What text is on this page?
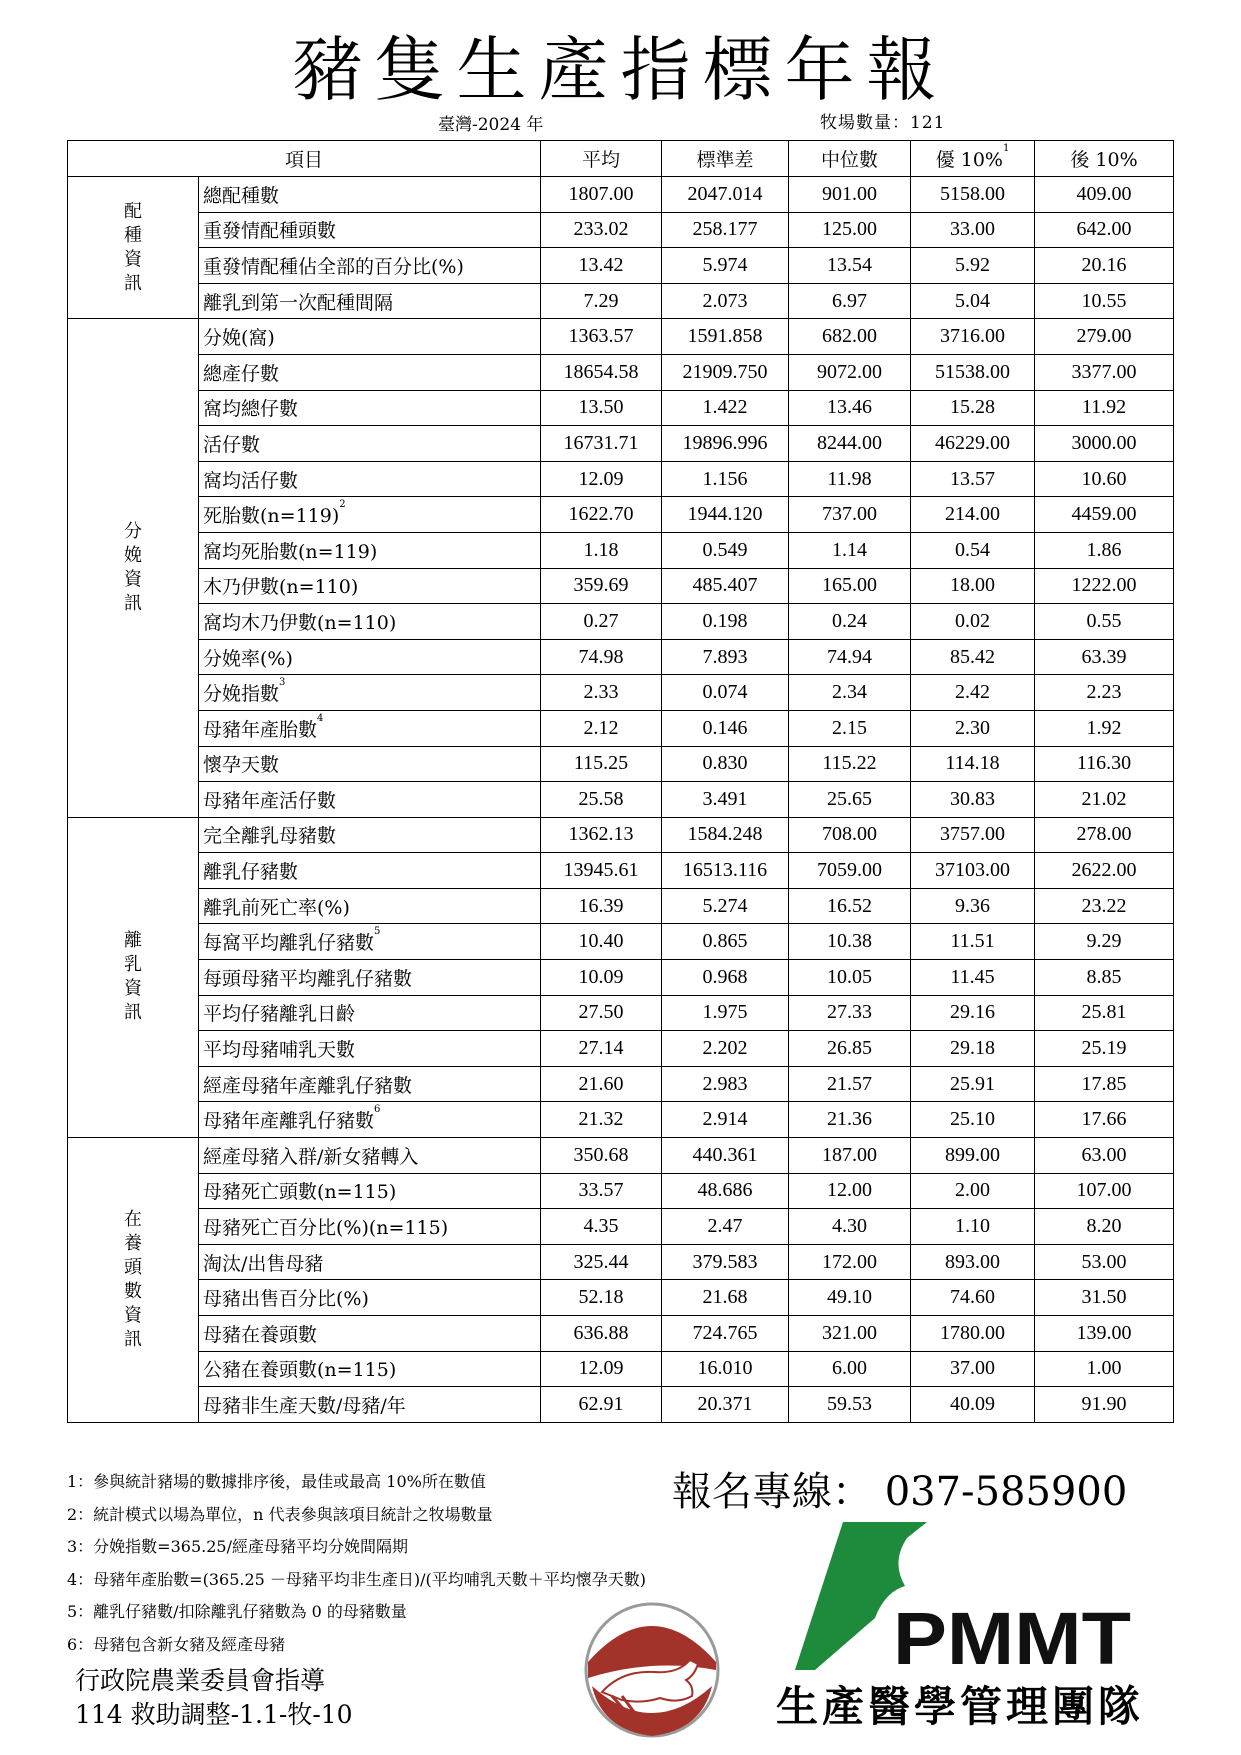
豬隻生產指標年報
臺灣-2024 年	牧場數量：121
項目		平均	標準差	中位數	優 10%$^1$	後 10%
配種資訊	總配種數	1807.00	2047.014	901.00	5158.00	409.00
	重發情配種頭數	233.02	258.177	125.00	33.00	642.00
	重發情配種佔全部的百分比(%)	13.42	5.974	13.54	5.92	20.16
	離乳到第一次配種間隔	7.29	2.073	6.97	5.04	10.55
分娩資訊	分娩(窩)	1363.57	1591.858	682.00	3716.00	279.00
	總產仔數	18654.58	21909.750	9072.00	51538.00	3377.00
	窩均總仔數	13.50	1.422	13.46	15.28	11.92
	活仔數	16731.71	19896.996	8244.00	46229.00	3000.00
	窩均活仔數	12.09	1.156	11.98	13.57	10.60
	死胎數(n=119)$^2$	1622.70	1944.120	737.00	214.00	4459.00
	窩均死胎數(n=119)	1.18	0.549	1.14	0.54	1.86
	木乃伊數(n=110)	359.69	485.407	165.00	18.00	1222.00
	窩均木乃伊數(n=110)	0.27	0.198	0.24	0.02	0.55
	分娩率(%)	74.98	7.893	74.94	85.42	63.39
	分娩指數$^3$	2.33	0.074	2.34	2.42	2.23
	母豬年產胎數$^4$	2.12	0.146	2.15	2.30	1.92
	懷孕天數	115.25	0.830	115.22	114.18	116.30
	母豬年產活仔數	25.58	3.491	25.65	30.83	21.02
離乳資訊	完全離乳母豬數	1362.13	1584.248	708.00	3757.00	278.00
	離乳仔豬數	13945.61	16513.116	7059.00	37103.00	2622.00
	離乳前死亡率(%)	16.39	5.274	16.52	9.36	23.22
	每窩平均離乳仔豬數$^5$	10.40	0.865	10.38	11.51	9.29
	每頭母豬平均離乳仔豬數	10.09	0.968	10.05	11.45	8.85
	平均仔豬離乳日齡	27.50	1.975	27.33	29.16	25.81
	平均母豬哺乳天數	27.14	2.202	26.85	29.18	25.19
	經產母豬年產離乳仔豬數	21.60	2.983	21.57	25.91	17.85
	母豬年產離乳仔豬數$^6$	21.32	2.914	21.36	25.10	17.66
在養頭數資訊	經產母豬入群/新女豬轉入	350.68	440.361	187.00	899.00	63.00
	母豬死亡頭數(n=115)	33.57	48.686	12.00	2.00	107.00
	母豬死亡百分比(%)(n=115)	4.35	2.47	4.30	1.10	8.20
	淘汰/出售母豬	325.44	379.583	172.00	893.00	53.00
	母豬出售百分比(%)	52.18	21.68	49.10	74.60	31.50
	母豬在養頭數	636.88	724.765	321.00	1780.00	139.00
	公豬在養頭數(n=115)	12.09	16.010	6.00	37.00	1.00
	母豬非生產天數/母豬/年	62.91	20.371	59.53	40.09	91.90
1：參與統計豬場的數據排序後，最佳或最高 10%所在數值
2：統計模式以場為單位，n 代表參與該項目統計之牧場數量
3：分娩指數=365.25/經產母豬平均分娩間隔期
4：母豬年產胎數=(365.25 －母豬平均非生產日)/(平均哺乳天數＋平均懷孕天數)
5：離乳仔豬數/扣除離乳仔豬數為 0 的母豬數量
6：母豬包含新女豬及經產母豬
行政院農業委員會指導
114 救助調整-1.1-牧-10
報名專線： 037-585900
PMMT
生產醫學管理團隊
